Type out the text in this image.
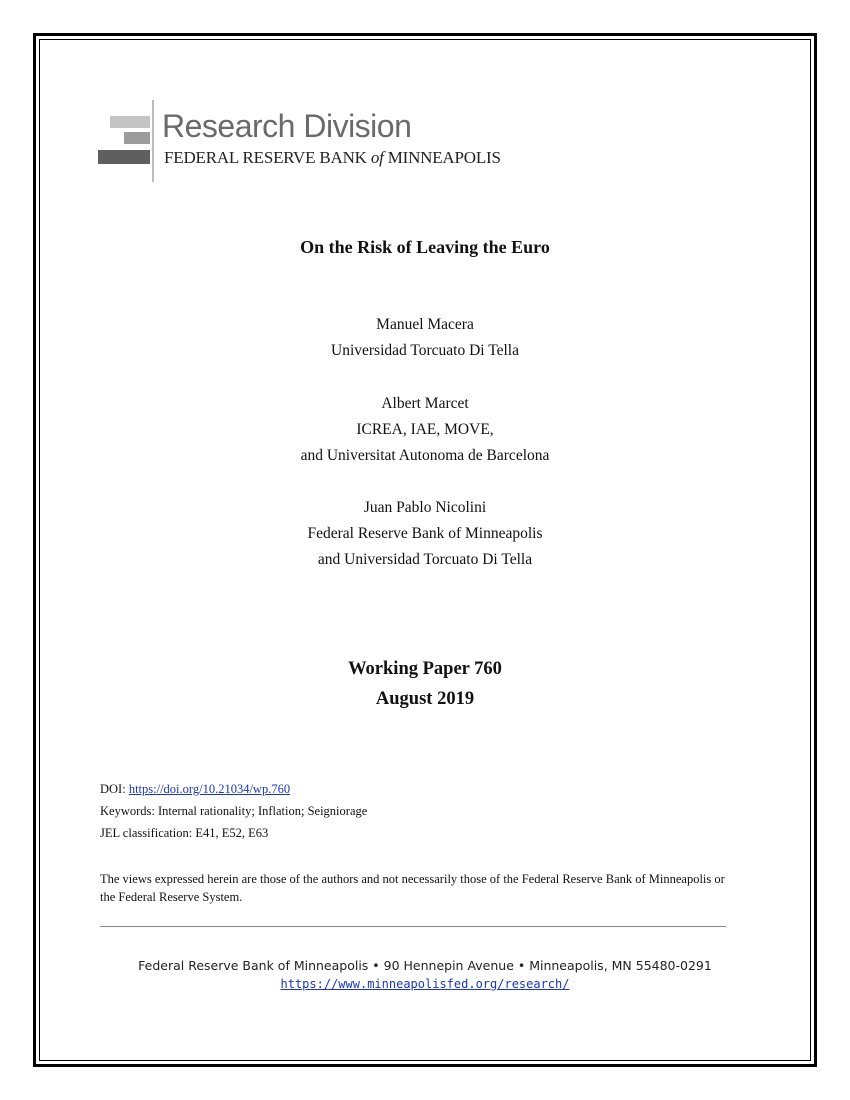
Research Division
FEDERAL RESERVE BANK of MINNEAPOLIS
On the Risk of Leaving the Euro
Manuel Macera
Universidad Torcuato Di Tella
Albert Marcet
ICREA, IAE, MOVE,
and Universitat Autonoma de Barcelona
Juan Pablo Nicolini
Federal Reserve Bank of Minneapolis
and Universidad Torcuato Di Tella
Working Paper 760
August 2019
DOI: https://doi.org/10.21034/wp.760
Keywords: Internal rationality; Inflation; Seigniorage
JEL classification: E41, E52, E63
The views expressed herein are those of the authors and not necessarily those of the Federal Reserve Bank of Minneapolis or the Federal Reserve System.
Federal Reserve Bank of Minneapolis • 90 Hennepin Avenue • Minneapolis, MN 55480-0291
https://www.minneapolisfed.org/research/
